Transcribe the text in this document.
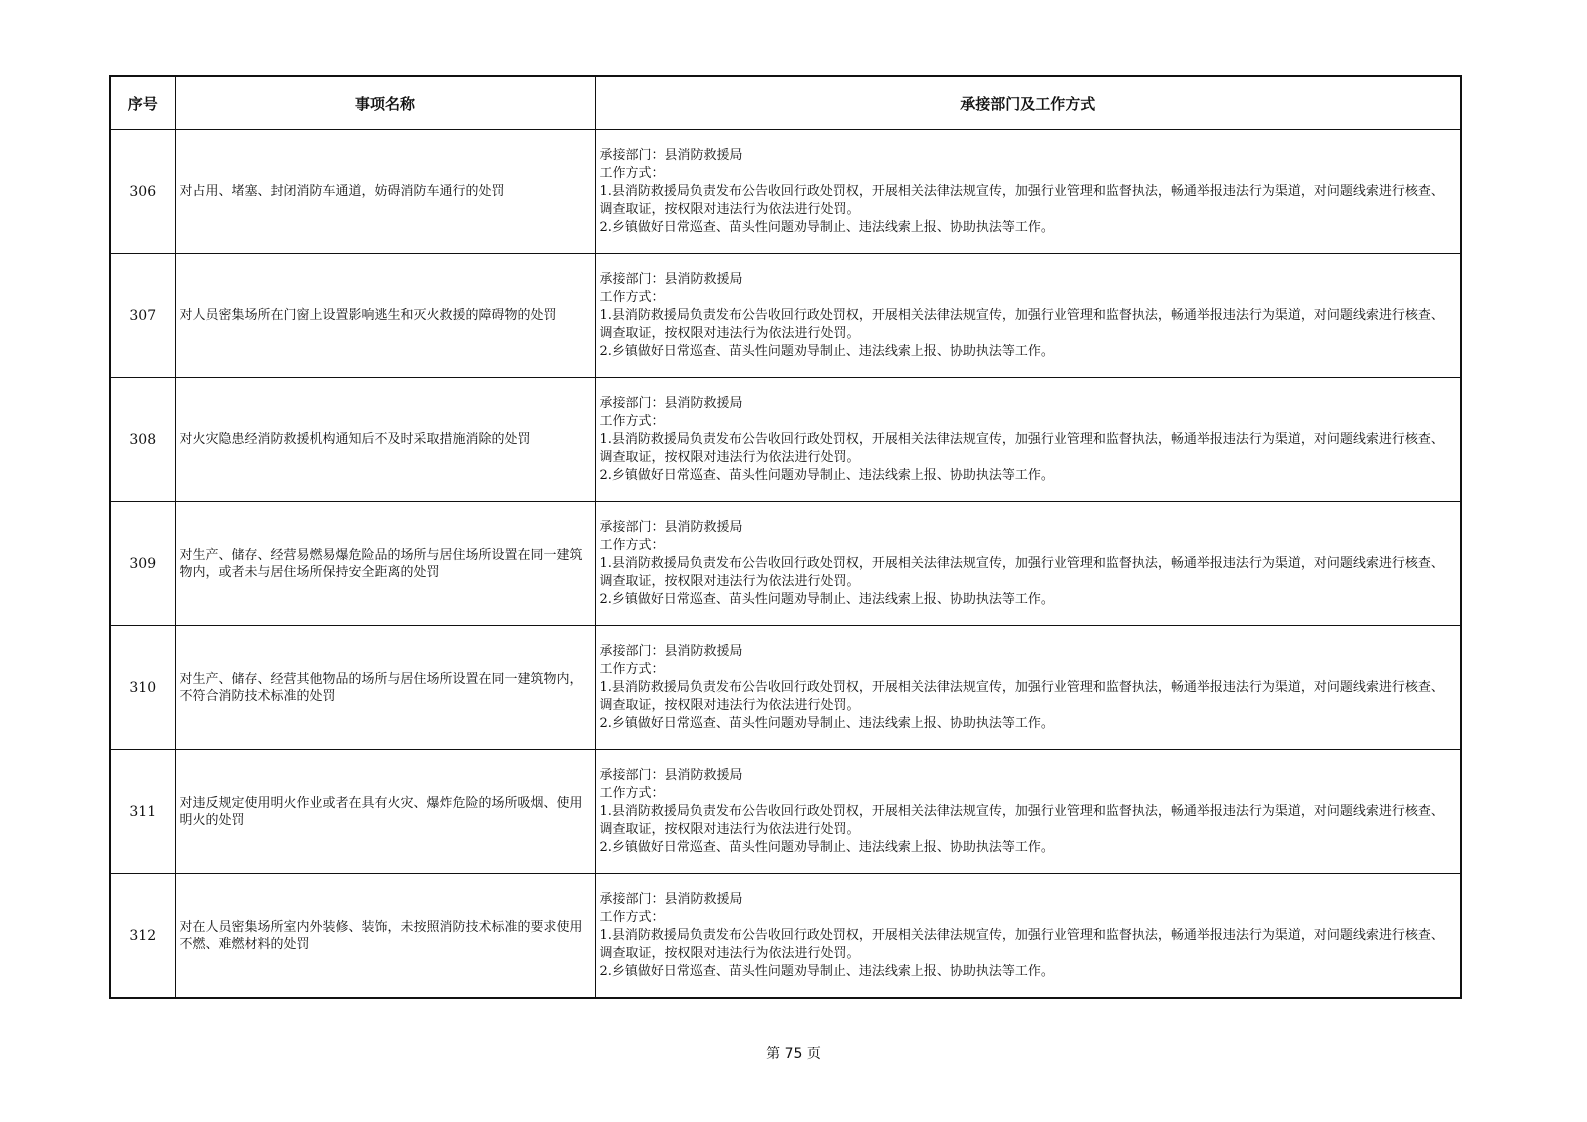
序号	事项名称	承接部门及工作方式
306	对占用、堵塞、封闭消防车通道，妨碍消防车通行的处罚	承接部门：县消防救援局
工作方式：
1.县消防救援局负责发布公告收回行政处罚权，开展相关法律法规宣传，加强行业管理和监督执法，畅通举报违法行为渠道，对问题线索进行核查、调查取证，按权限对违法行为依法进行处罚。
2.乡镇做好日常巡查、苗头性问题劝导制止、违法线索上报、协助执法等工作。

307	对人员密集场所在门窗上设置影响逃生和灭火救援的障碍物的处罚	承接部门：县消防救援局
工作方式：
1.县消防救援局负责发布公告收回行政处罚权，开展相关法律法规宣传，加强行业管理和监督执法，畅通举报违法行为渠道，对问题线索进行核查、调查取证，按权限对违法行为依法进行处罚。
2.乡镇做好日常巡查、苗头性问题劝导制止、违法线索上报、协助执法等工作。

308	对火灾隐患经消防救援机构通知后不及时采取措施消除的处罚	承接部门：县消防救援局
工作方式：
1.县消防救援局负责发布公告收回行政处罚权，开展相关法律法规宣传，加强行业管理和监督执法，畅通举报违法行为渠道，对问题线索进行核查、调查取证，按权限对违法行为依法进行处罚。
2.乡镇做好日常巡查、苗头性问题劝导制止、违法线索上报、协助执法等工作。

309	对生产、储存、经营易燃易爆危险品的场所与居住场所设置在同一建筑物内，或者未与居住场所保持安全距离的处罚	承接部门：县消防救援局
工作方式：
1.县消防救援局负责发布公告收回行政处罚权，开展相关法律法规宣传，加强行业管理和监督执法，畅通举报违法行为渠道，对问题线索进行核查、调查取证，按权限对违法行为依法进行处罚。
2.乡镇做好日常巡查、苗头性问题劝导制止、违法线索上报、协助执法等工作。

310	对生产、储存、经营其他物品的场所与居住场所设置在同一建筑物内，不符合消防技术标准的处罚	承接部门：县消防救援局
工作方式：
1.县消防救援局负责发布公告收回行政处罚权，开展相关法律法规宣传，加强行业管理和监督执法，畅通举报违法行为渠道，对问题线索进行核查、调查取证，按权限对违法行为依法进行处罚。
2.乡镇做好日常巡查、苗头性问题劝导制止、违法线索上报、协助执法等工作。

311	对违反规定使用明火作业或者在具有火灾、爆炸危险的场所吸烟、使用明火的处罚	承接部门：县消防救援局
工作方式：
1.县消防救援局负责发布公告收回行政处罚权，开展相关法律法规宣传，加强行业管理和监督执法，畅通举报违法行为渠道，对问题线索进行核查、调查取证，按权限对违法行为依法进行处罚。
2.乡镇做好日常巡查、苗头性问题劝导制止、违法线索上报、协助执法等工作。

312	对在人员密集场所室内外装修、装饰，未按照消防技术标准的要求使用不燃、难燃材料的处罚	承接部门：县消防救援局
工作方式：
1.县消防救援局负责发布公告收回行政处罚权，开展相关法律法规宣传，加强行业管理和监督执法，畅通举报违法行为渠道，对问题线索进行核查、调查取证，按权限对违法行为依法进行处罚。
2.乡镇做好日常巡查、苗头性问题劝导制止、违法线索上报、协助执法等工作。
第 75 页
